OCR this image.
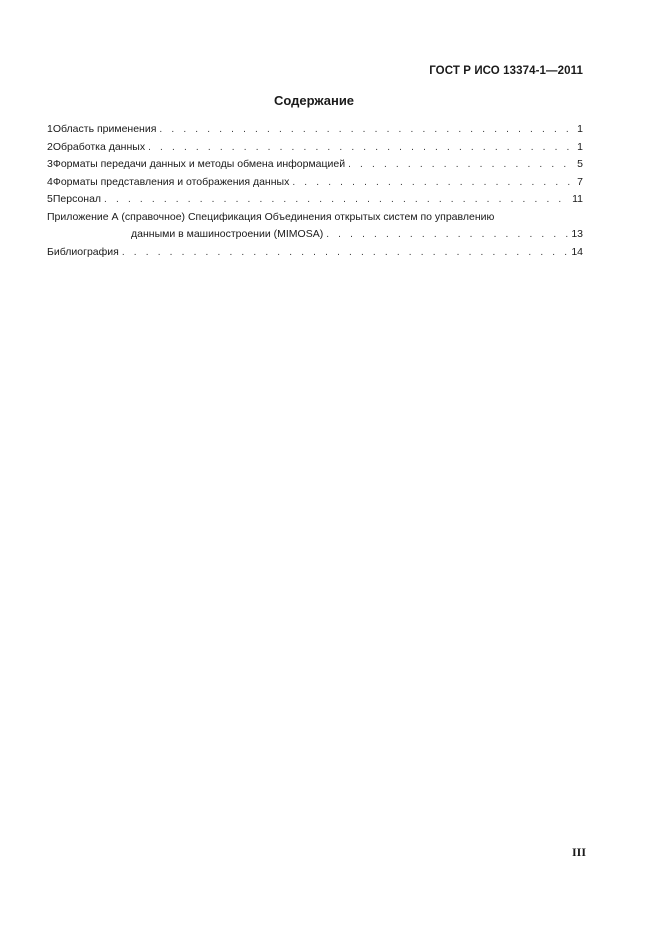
ГОСТ Р ИСО 13374-1—2011
Содержание
1 Область применения . . .	1
2 Обработка данных . . .	1
3 Форматы передачи данных и методы обмена информацией . . .	5
4 Форматы представления и отображения данных . . .	7
5 Персонал . . .	11
Приложение А (справочное) Спецификация Объединения открытых систем по управлению
данными в машиностроении (MIMOSA) . . .	13
Библиография . . .	14
III
